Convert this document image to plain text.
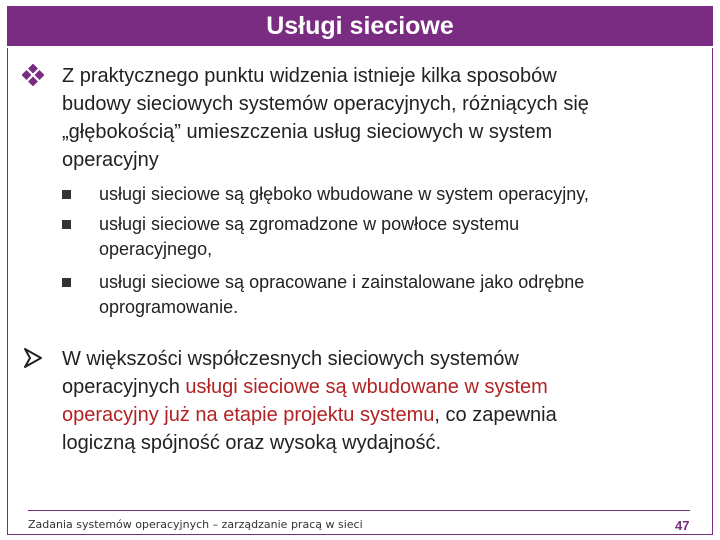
Usługi sieciowe
Z praktycznego punktu widzenia istnieje kilka sposobów
budowy sieciowych systemów operacyjnych, różniących się
„głębokością” umieszczenia usług sieciowych w system
operacyjny
usługi sieciowe są głęboko wbudowane w system operacyjny,
usługi sieciowe są zgromadzone w powłoce systemu
operacyjnego,
usługi sieciowe są opracowane i zainstalowane jako odrębne
oprogramowanie.
W większości współczesnych sieciowych systemów
operacyjnych usługi sieciowe są wbudowane w system
operacyjny już na etapie projektu systemu, co zapewnia
logiczną spójność oraz wysoką wydajność.
Zadania systemów operacyjnych – zarządzanie pracą w sieci	47
